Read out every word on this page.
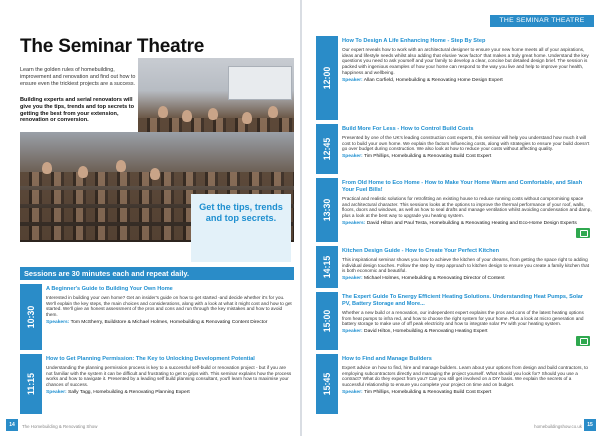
The Seminar Theatre
Learn the golden rules of homebuilding, improvement and renovation and find out how to ensure even the trickiest projects are a success.
Building experts and serial renovators will give you the tips, trends and top secrets to getting the best from your extension, renovation or conversion.
Get the tips, trends and top secrets.
Sessions are 30 minutes each and repeat daily.
10:30
A Beginner's Guide to Building Your Own Home
Interested in building your own home? Get an insider's guide on how to get started -and decide whether it's for you. We'll explain the key steps, the main choices and considerations, along with a look at what it might cost and how to get started. We'll give an honest assessment of the pros and cons and run through the key mistakes and how to avoid them.
Speakers: Tom McSherry, Buildstore & Michael Holmes, Homebuilding & Renovating Content Director
11:15
How to Get Planning Permission: The Key to Unlocking Development Potential
Understanding the planning permission process is key to a successful self-build or renovation project - but if you are not familiar with the system it can be difficult and frustrating to get to grips with. This seminar explains how the process works and how to navigate it. Presented by a leading self build planning consultant, you'll learn how to maximise your chances of success.
Speaker: Sally Tagg, Homebuilding & Renovating Planning Expert
14	The Homebuilding & Renovating Show
THE SEMINAR THEATRE
12:00
How To Design A Life Enhancing Home - Step By Step
Our expert reveals how to work with an architectural designer to ensure your new home meets all of your aspirations, ideas and lifestyle needs whilst also adding that elusive 'wow factor' that makes a truly great home. Understand the key questions you need to ask yourself and your family to develop a clear, concise but detailed design brief. The session is packed with ingenious examples of how your home can respond to the way you live and help to improve your health, happiness and wellbeing.
Speaker: Allan Corfield, Homebuilding & Renovating Home Design Expert
12:45
Build More For Less - How to Control Build Costs
Presented by one of the UK's leading construction cost experts, this seminar will help you understand how much it will cost to build your own home. We explain the factors influencing costs, along with strategies to ensure your build doesn't go over budget during construction. We also look at how to reduce your costs without affecting quality.
Speaker: Tim Phillips, Homebuilding & Renovating Build Cost Expert
13:30
From Old Home to Eco Home - How to Make Your Home Warm and Comfortable, and Slash Your Fuel Bills!
Practical and realistic solutions for retrofitting an existing house to reduce running costs without compromising space and architectural character. This sessions looks at the options to improve the thermal performance of your roof, walls, floors, doors and windows, as well as how to seal drafts and manage ventilation whilst avoiding condensation and damp, plus a look at the best way to upgrade you heating system.
Speakers: David Hilton and Paul Testa, Homebuilding & Renovating Heating and Eco-Home Design Experts
14:15
Kitchen Design Guide - How to Create Your Perfect Kitchen
This inspirational seminar shows you how to achieve the kitchen of your dreams, from getting the space right to adding individual design touches. Follow the step by step approach to kitchen design to ensure you create a family kitchen that is both economic and beautiful.
Speaker: Michael Holmes, Homebuilding & Renovating Director of Content
15:00
The Expert Guide To Energy Efficient Heating Solutions. Understanding Heat Pumps, Solar PV, Battery Storage and More...
Whether a new build or a renovation, our independent expert explains the pros and cons of the latest heating options from heat pumps to infra red, and how to choose the right system for your home. Plus a look at micro generation and battery storage to make use of off peak electricity and how to integrate solar PV with your heating system.
Speaker: David Hilton, Homebuilding & Renovating Heating Expert
15:45
How to Find and Manage Builders
Expert advice on how to find, hire and manage builders. Learn about your options from design and build contractors, to employing subcontractors directly and managing the project yourself. What should you look for? Should you use a contract? What do they expect from you? Can you still get involved on a DIY basis. We explain the secrets of a successful relationship to ensure you complete your project on time and on budget.
Speaker: Tim Phillips, Homebuilding & Renovating Build Cost Expert
homebuildingshow.co.uk	15
